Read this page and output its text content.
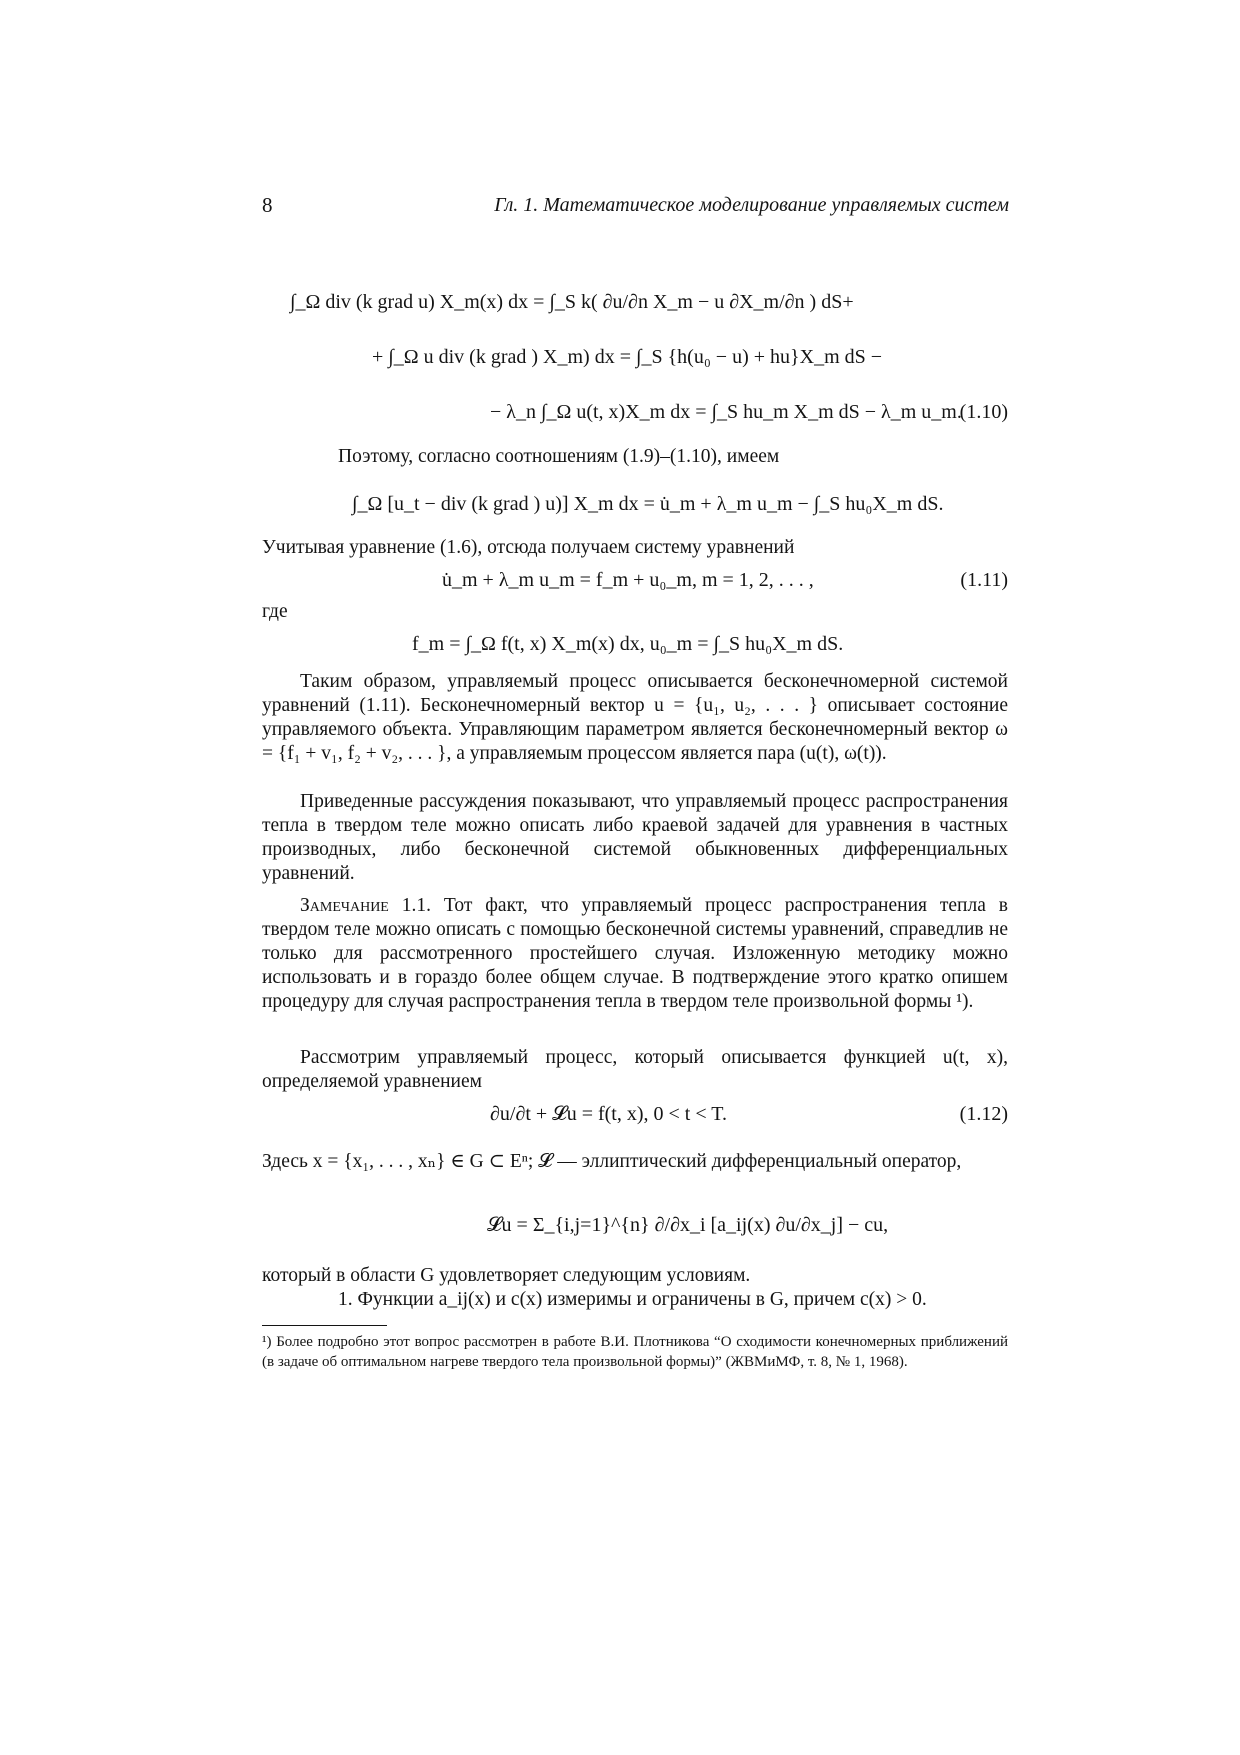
8	Гл. 1. Математическое моделирование управляемых систем
∫_Ω div (k grad u) X_m(x) dx = ∫_S k( ∂u/∂n X_m − u ∂X_m/∂n ) dS+
+ ∫_Ω u div (k grad ) X_m) dx = ∫_S {h(u₀ − u) + hu}X_m dS −
− λ_n ∫_Ω u(t, x)X_m dx = ∫_S hu_m X_m dS − λ_m u_m.
(1.10)
Поэтому, согласно соотношениям (1.9)–(1.10), имеем
∫_Ω [u_t − div (k grad ) u)] X_m dx = u̇_m + λ_m u_m − ∫_S hu₀X_m dS.
Учитывая уравнение (1.6), отсюда получаем систему уравнений
u̇_m + λ_m u_m = f_m + u₀_m, m = 1, 2, . . . ,	(1.11)
где
f_m = ∫_Ω f(t, x) X_m(x) dx, u₀_m = ∫_S hu₀X_m dS.

Таким образом, управляемый процесс описывается бесконечномерной системой уравнений (1.11). Бесконечномерный вектор u = {u₁, u₂, . . . } описывает состояние управляемого объекта. Управляющим параметром является бесконечномерный вектор ω = {f₁ + v₁, f₂ + v₂, . . . }, а управляемым процессом является пара (u(t), ω(t)).

Приведенные рассуждения показывают, что управляемый процесс распространения тепла в твердом теле можно описать либо краевой задачей для уравнения в частных производных, либо бесконечной системой обыкновенных дифференциальных уравнений.

Замечание 1.1. Тот факт, что управляемый процесс распространения тепла в твердом теле можно описать с помощью бесконечной системы уравнений, справедлив не только для рассмотренного простейшего случая. Изложенную методику можно использовать и в гораздо более общем случае. В подтверждение этого кратко опишем процедуру для случая распространения тепла в твердом теле произвольной формы ¹).

Рассмотрим управляемый процесс, который описывается функцией u(t, x), определяемой уравнением

∂u/∂t + 𝓛u = f(t, x), 0 < t < T.	(1.12)

Здесь x = {x₁, . . . , xₙ} ∈ G ⊂ Eⁿ; 𝓛 — эллиптический дифференциальный оператор,

𝓛u = Σ_{i,j=1}^{n} ∂/∂x_i [a_ij(x) ∂u/∂x_j] − cu,
который в области G удовлетворяет следующим условиям.
1. Функции a_ij(x) и c(x) измеримы и ограничены в G, причем c(x) > 0.
¹) Более подробно этот вопрос рассмотрен в работе В.И. Плотникова “О сходимости конечномерных приближений (в задаче об оптимальном нагреве твердого тела произвольной формы)” (ЖВМиМФ, т. 8, № 1, 1968).
